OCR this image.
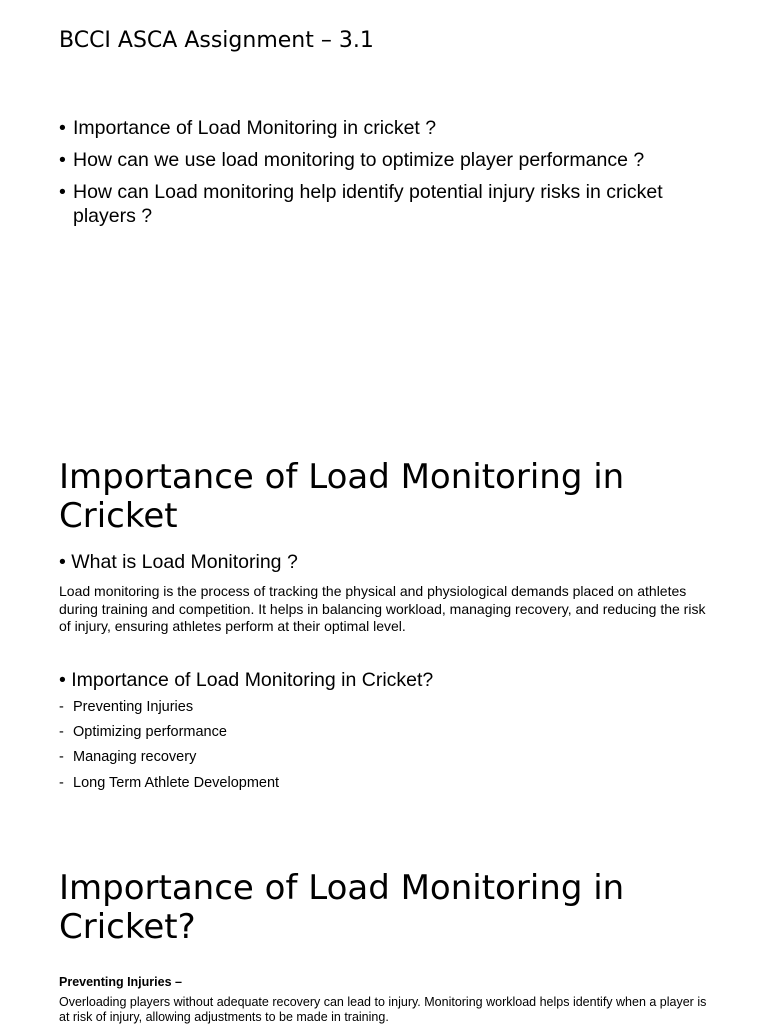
BCCI ASCA Assignment – 3.1
• Importance of Load Monitoring in cricket ?
• How can we use load monitoring to optimize player performance ?
• How can Load monitoring help identify potential injury risks in cricket players ?
Importance of Load Monitoring in Cricket
• What is Load Monitoring ?
Load monitoring is the process of tracking the physical and physiological demands placed on athletes during training and competition. It helps in balancing workload, managing recovery, and reducing the risk of injury, ensuring athletes perform at their optimal level.
• Importance of Load Monitoring in Cricket?
- Preventing Injuries
- Optimizing performance
- Managing recovery
- Long Term Athlete Development
Importance of Load Monitoring in Cricket?
Preventing Injuries –
Overloading players without adequate recovery can lead to injury. Monitoring workload helps identify when a player is at risk of injury, allowing adjustments to be made in training.
